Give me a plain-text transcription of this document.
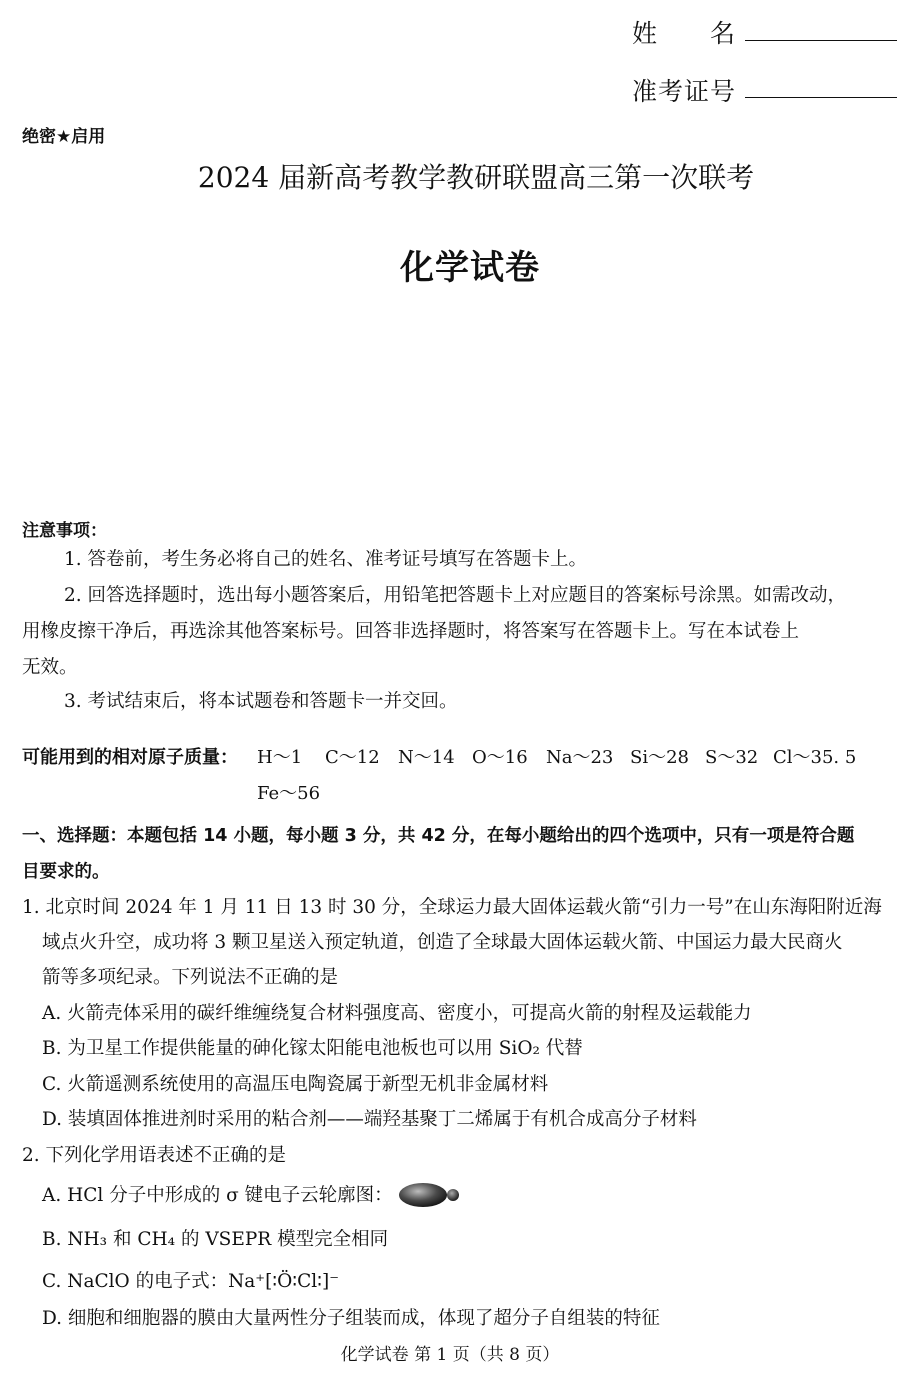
姓　　名
准考证号
绝密★启用
2024 届新高考教学教研联盟高三第一次联考
化学试卷
注意事项：
1. 答卷前，考生务必将自己的姓名、准考证号填写在答题卡上。
2. 回答选择题时，选出每小题答案后，用铅笔把答题卡上对应题目的答案标号涂黑。如需改动，
用橡皮擦干净后，再选涂其他答案标号。回答非选择题时，将答案写在答题卡上。写在本试卷上
无效。
3. 考试结束后，将本试题卷和答题卡一并交回。
可能用到的相对原子质量： H～1 C～12 N～14 O～16 Na～23 Si～28 S～32 Cl～35. 5
Fe～56
一、选择题：本题包括 14 小题，每小题 3 分，共 42 分，在每小题给出的四个选项中，只有一项是符合题
目要求的。
1. 北京时间 2024 年 1 月 11 日 13 时 30 分，全球运力最大固体运载火箭“引力一号”在山东海阳附近海
域点火升空，成功将 3 颗卫星送入预定轨道，创造了全球最大固体运载火箭、中国运力最大民商火
箭等多项纪录。下列说法不正确的是
A. 火箭壳体采用的碳纤维缠绕复合材料强度高、密度小，可提高火箭的射程及运载能力
B. 为卫星工作提供能量的砷化镓太阳能电池板也可以用 SiO₂ 代替
C. 火箭遥测系统使用的高温压电陶瓷属于新型无机非金属材料
D. 装填固体推进剂时采用的粘合剂——端羟基聚丁二烯属于有机合成高分子材料
2. 下列化学用语表述不正确的是
A. HCl 分子中形成的 σ 键电子云轮廓图：
B. NH₃ 和 CH₄ 的 VSEPR 模型完全相同
C. NaClO 的电子式：Na⁺[∶Ö∶Cl∶]⁻
D. 细胞和细胞器的膜由大量两性分子组装而成，体现了超分子自组装的特征
化学试卷 第 1 页（共 8 页）
